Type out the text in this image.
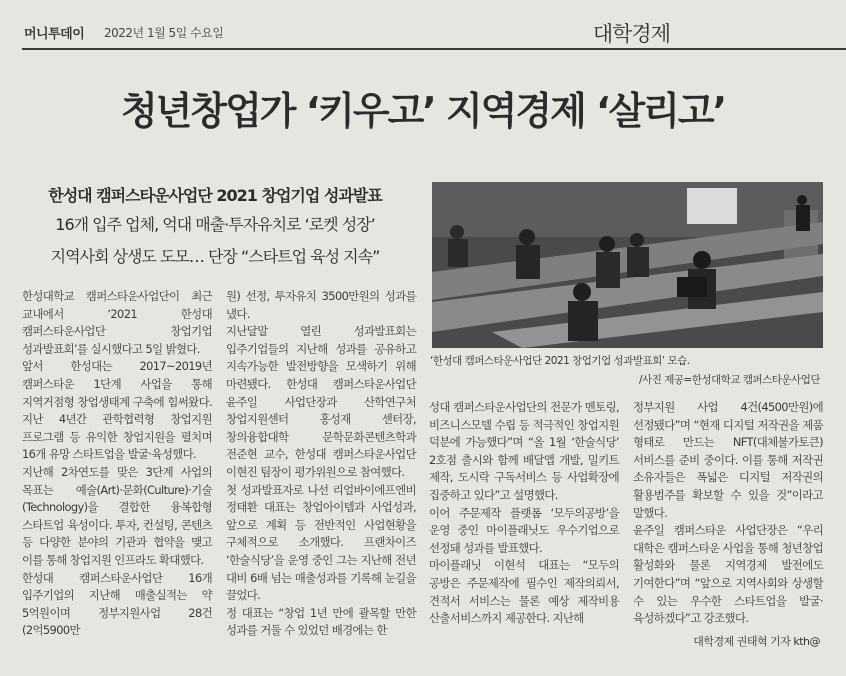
머니투데이 2022년 1월 5일 수요일	대학경제
청년창업가 ‘키우고’ 지역경제 ‘살리고’
한성대 캠퍼스타운사업단 2021 창업기업 성과발표
16개 입주 업체, 억대 매출·투자유치로 ‘로켓 성장’
지역사회 상생도 도모… 단장 “스타트업 육성 지속”
‘한성대 캠퍼스타운사업단 2021 창업기업 성과발표회’ 모습.
/사진 제공=한성대학교 캠퍼스타운사업단
한성대학교 캠퍼스타운사업단이 최근 교내에서 ‘2021 한성대 캠퍼스타운사업단 창업기업 성과발표회’를 실시했다고 5일 밝혔다.
앞서 한성대는 2017~2019년 캠퍼스타운 1단계 사업을 통해 지역거점형 창업생태계 구축에 힘써왔다. 지난 4년간 관학협력형 창업지원 프로그램 등 유익한 창업지원을 펼치며 16개 유망 스타트업을 발굴·육성했다.
지난해 2차연도를 맞은 3단계 사업의 목표는 예술(Art)·문화(Culture)·기술(Technology)을 결합한 융복합형 스타트업 육성이다. 투자, 컨설팅, 콘텐츠 등 다양한 분야의 기관과 협약을 맺고 이를 통해 창업지원 인프라도 확대했다.
한성대 캠퍼스타운사업단 16개 입주기업의 지난해 매출실적는 약 5억원이며 정부지원사업 28건(2억5900만
원) 선정, 투자유치 3500만원의 성과를 냈다.
지난달말 열린 성과발표회는 입주기업들의 지난해 성과를 공유하고 지속가능한 발전방향을 모색하기 위해 마련됐다. 한성대 캠퍼스타운사업단 윤주일 사업단장과 산학연구처 창업지원센터 홍성재 센터장, 창의융합대학 문학문화콘텐츠학과 전준현 교수, 한성대 캠퍼스타운사업단 이현진 팀장이 평가위원으로 참여했다.
첫 성과발표자로 나선 리얼바이에프엔비 정태환 대표는 창업아이템과 사업성과, 앞으로 계획 등 전반적인 사업현황을 구체적으로 소개했다. 프랜차이즈 ‘한술식당’을 운영 중인 그는 지난해 전년 대비 6배 넘는 매출성과를 기록해 눈길을 끌었다.
정 대표는 “창업 1년 만에 괄목할 만한 성과를 거둘 수 있었던 배경에는 한
성대 캠퍼스타운사업단의 전문가 멘토링, 비즈니스모델 수립 등 적극적인 창업지원 덕분에 가능했다”며 “올 1월 ‘한술식당’ 2호점 출시와 함께 배달앱 개발, 밀키트 제작, 도시락 구독서비스 등 사업확장에 집중하고 있다”고 설명했다.
이어 주문제작 플랫폼 ‘모두의공방’을 운영 중인 마이플래닛도 우수기업으로 선정돼 성과를 발표했다.
마이플래닛 이현석 대표는 “모두의 공방은 주문제작에 필수인 제작의뢰서, 견적서 서비스는 물론 예상 제작비용 산출서비스까지 제공한다. 지난해
정부지원 사업 4건(4500만원)에 선정됐다”며 “현재 디지털 저작권을 제품 형태로 만드는 NFT(대체불가토큰) 서비스를 준비 중이다. 이를 통해 저작권 소유자들은 폭넓은 디지털 저작권의 활용범주를 확보할 수 있을 것”이라고 말했다.
윤주일 캠퍼스타운 사업단장은 “우리 대학은 캠퍼스타운 사업을 통해 청년창업 활성화와 물론 지역경제 발전에도 기여한다”며 “앞으로 지역사회와 상생할 수 있는 우수한 스타트업을 발굴·육성하겠다”고 강조했다.
대학경제 권태혁 기자 kth@
